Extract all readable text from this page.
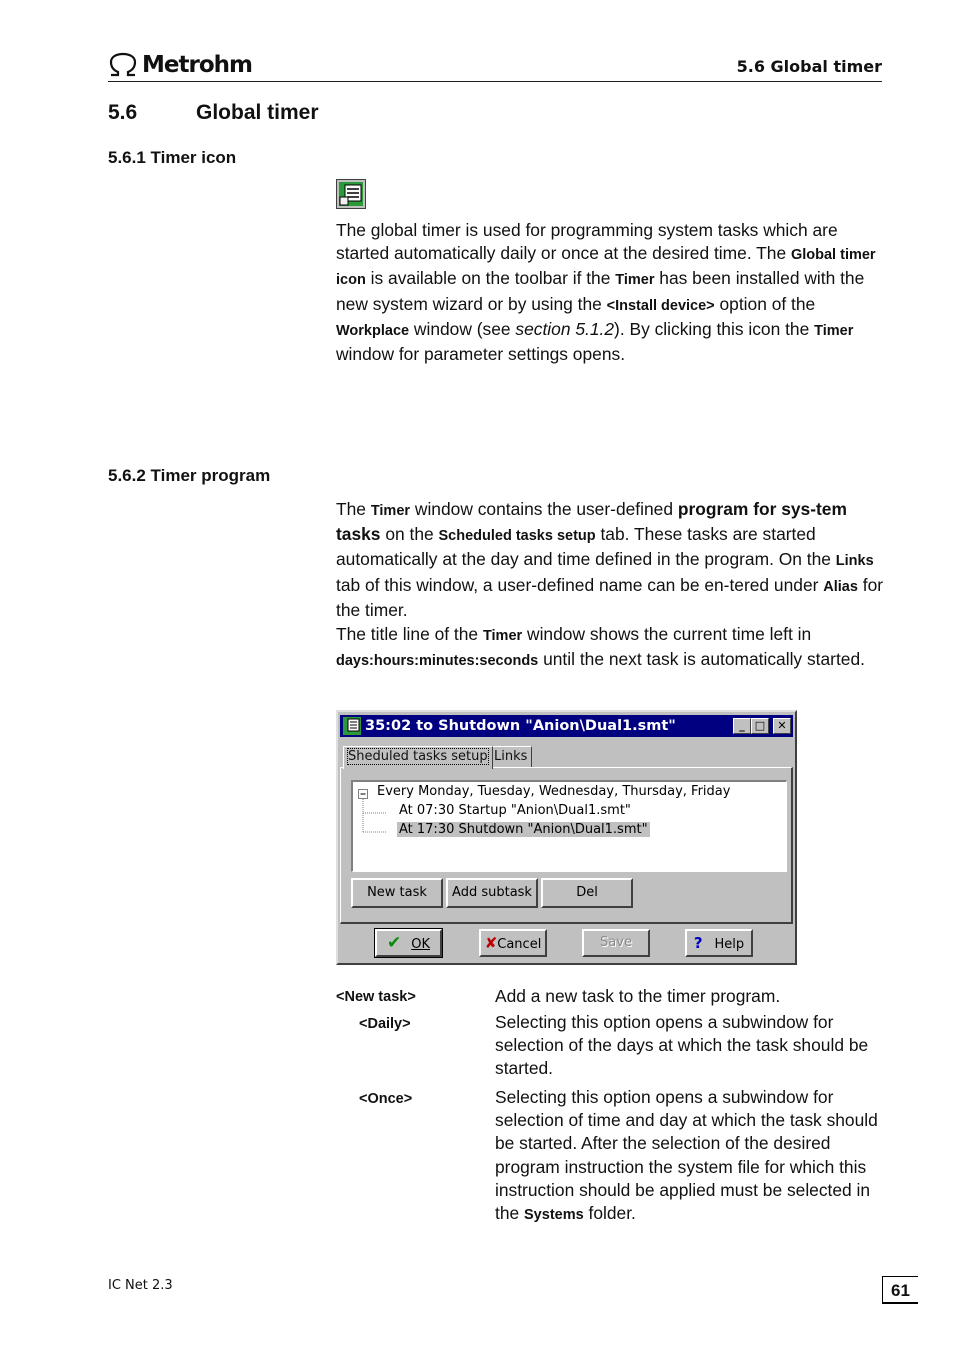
Metrohm	5.6 Global timer
5.6	Global timer
5.6.1 Timer icon

The global timer is used for programming system tasks which are started automatically daily or once at the desired time. The Global timer icon is available on the toolbar if the Timer has been installed with the new system wizard or by using the <Install device> option of the Workplace window (see section 5.1.2). By clicking this icon the Timer window for parameter settings opens.

5.6.2 Timer program

The Timer window contains the user-defined program for sys-tem tasks on the Scheduled tasks setup tab. These tasks are started automatically at the day and time defined in the program. On the Links tab of this window, a user-defined name can be en-tered under Alias for the timer.

The title line of the Timer window shows the current time left in days:hours:minutes:seconds until the next task is automatically started.

35:02 to Shutdown "Anion\Dual1.smt"	_ □	✕
Sheduled tasks setup Links
Every Monday, Tuesday, Wednesday, Thursday, Friday
At 07:30 Startup "Anion\Dual1.smt"
At 17:30 Shutdown "Anion\Dual1.smt"
New task	Add subtask	Del
✔ OK	✘Cancel	Save	? Help

<New task>	Add a new task to the timer program.

<Daily>	Selecting this option opens a subwindow for selection of the days at which the task should be started.

<Once>	Selecting this option opens a subwindow for selection of time and day at which the task should be started. After the selection of the desired program instruction the system file for which this instruction should be applied must be selected in the Systems folder.

IC Net 2.3	61
